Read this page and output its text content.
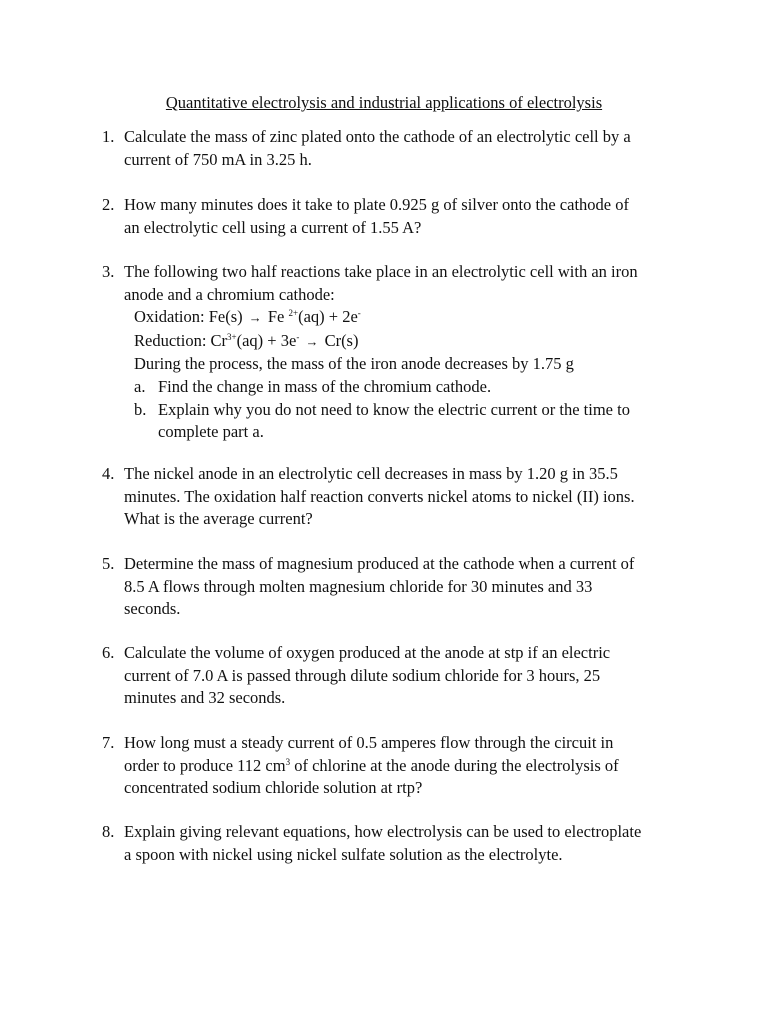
Quantitative electrolysis and industrial applications of electrolysis
1. Calculate the mass of zinc plated onto the cathode of an electrolytic cell by a
current of 750 mA in 3.25 h.
2. How many minutes does it take to plate 0.925 g of silver onto the cathode of
an electrolytic cell using a current of 1.55 A?
3. The following two half reactions take place in an electrolytic cell with an iron
anode and a chromium cathode:
Oxidation: Fe(s) → Fe $^{2+}$(aq) + 2e-
Reduction: $Cr^{3+}(aq) + 3e^- \to Cr(s)$
During the process, the mass of the iron anode decreases by 1.75 g
a. Find the change in mass of the chromium cathode.
b. Explain why you do not need to know the electric current or the time to
complete part a.
4. The nickel anode in an electrolytic cell decreases in mass by 1.20 g in 35.5
minutes. The oxidation half reaction converts nickel atoms to nickel (II) ions.
What is the average current?
5. Determine the mass of magnesium produced at the cathode when a current of
8.5 A flows through molten magnesium chloride for 30 minutes and 33
seconds.
6. Calculate the volume of oxygen produced at the anode at stp if an electric
current of 7.0 A is passed through dilute sodium chloride for 3 hours, 25
minutes and 32 seconds.
7. How long must a steady current of 0.5 amperes flow through the circuit in
order to produce 112 $cm^3$ of chlorine at the anode during the electrolysis of
concentrated sodium chloride solution at rtp?
8. Explain giving relevant equations, how electrolysis can be used to electroplate
a spoon with nickel using nickel sulfate solution as the electrolyte.
